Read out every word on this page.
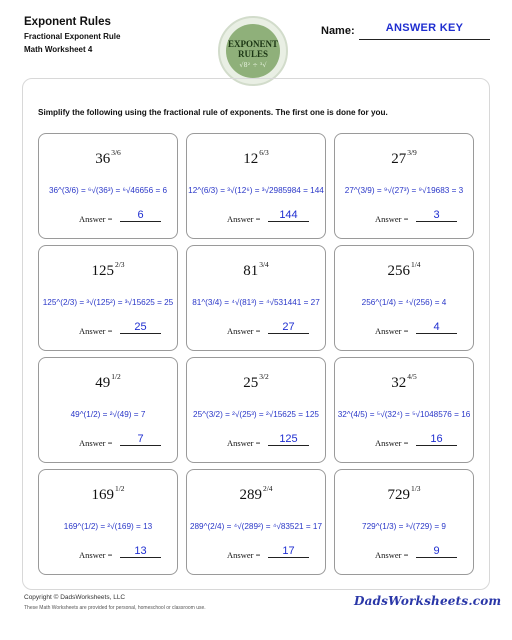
Exponent Rules
Fractional Exponent Rule
Math Worksheet 4
EXPONENT
RULES
√8² ÷ ³√
Name:	ANSWER KEY
Simplify the following using the fractional rule of exponents. The first one is done for you.
$36^{3/6}$
36^(3/6) = ⁶√(36³) = ⁶√46656 = 6
Answer =	6
$12^{6/3}$
12^(6/3) = ³√(12⁶) = ³√2985984 = 144
Answer =	144
$27^{3/9}$
27^(3/9) = ⁹√(27³) = ⁹√19683 = 3
Answer =	3
$125^{2/3}$
125^(2/3) = ³√(125²) = ³√15625 = 25
Answer =	25
$81^{3/4}$
81^(3/4) = ⁴√(81³) = ⁴√531441 = 27
Answer =	27
$256^{1/4}$
256^(1/4) = ⁴√(256) = 4
Answer =	4
$49^{1/2}$
49^(1/2) = ²√(49) = 7
Answer =	7
$25^{3/2}$
25^(3/2) = ²√(25³) = ²√15625 = 125
Answer =	125
$32^{4/5}$
32^(4/5) = ⁵√(32⁴) = ⁵√1048576 = 16
Answer =	16
$169^{1/2}$
169^(1/2) = ²√(169) = 13
Answer =	13
$289^{2/4}$
289^(2/4) = ⁴√(289²) = ⁴√83521 = 17
Answer =	17
$729^{1/3}$
729^(1/3) = ³√(729) = 9
Answer =	9
Copyright © DadsWorksheets, LLC
These Math Worksheets are provided for personal, homeschool or classroom use.	DadsWorksheets.com
